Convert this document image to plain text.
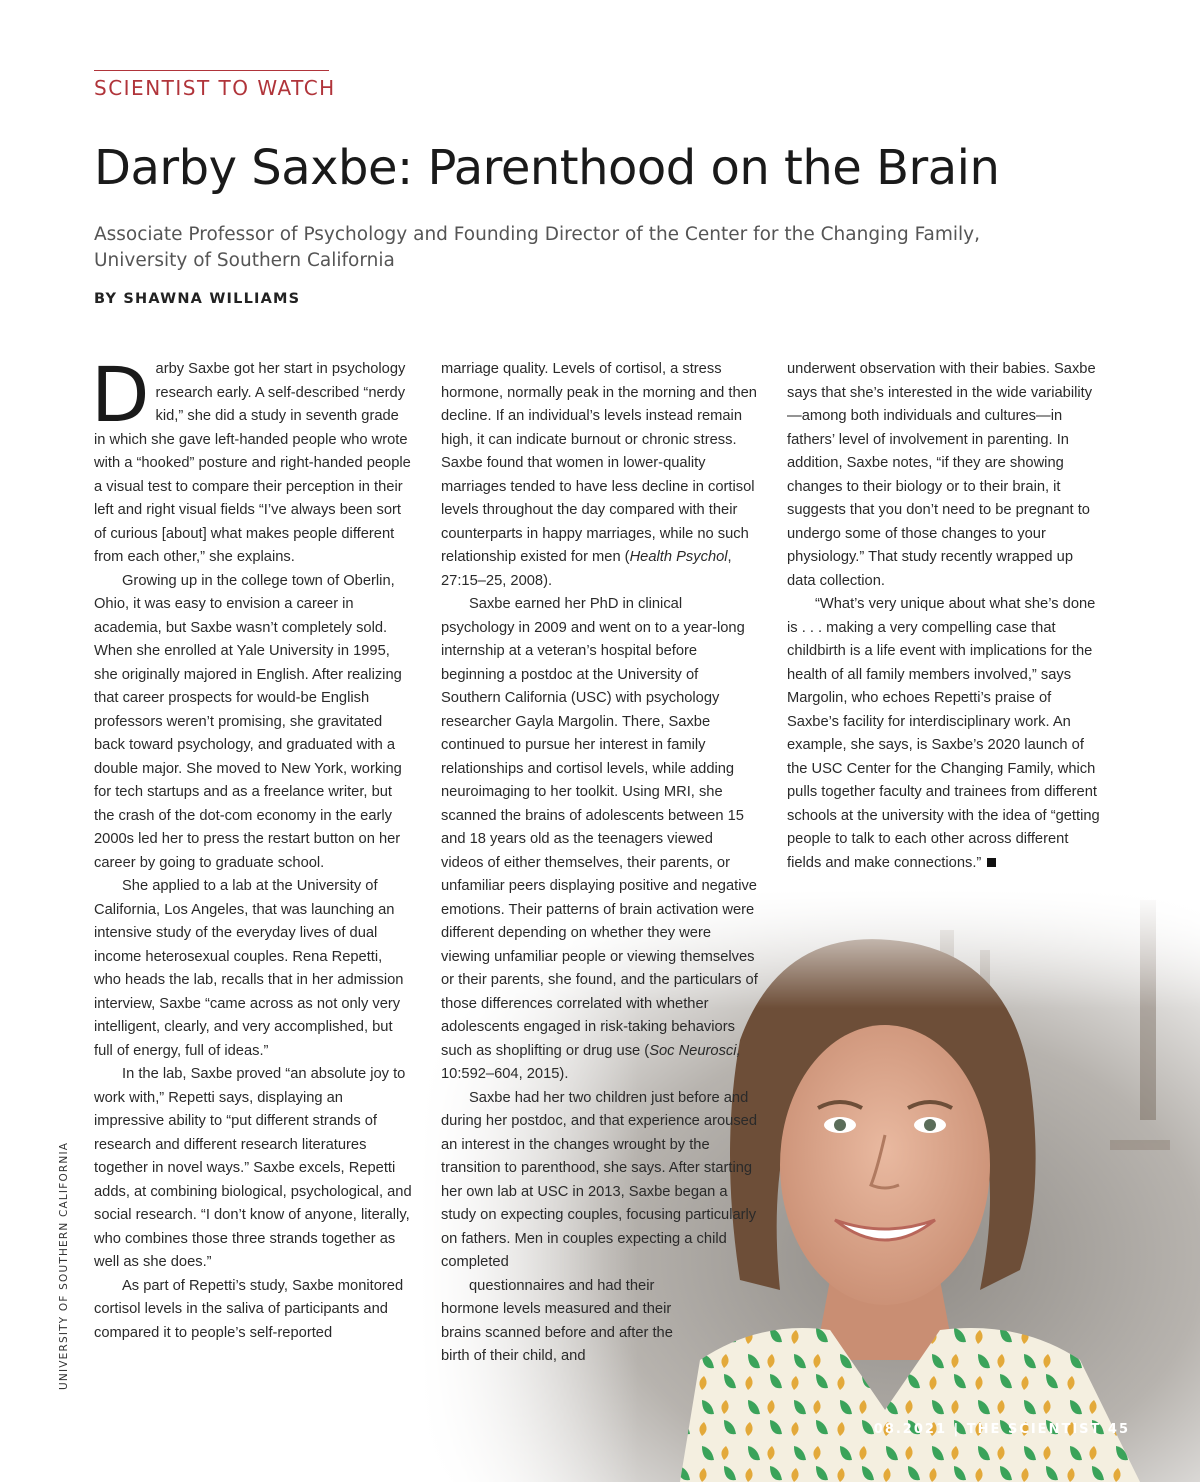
SCIENTIST TO WATCH
Darby Saxbe: Parenthood on the Brain
Associate Professor of Psychology and Founding Director of the Center for the Changing Family, University of Southern California
BY SHAWNA WILLIAMS

Darby Saxbe got her start in psychology research early. A self-described “nerdy kid,” she did a study in seventh grade in which she gave left-handed people who wrote with a “hooked” posture and right-handed people a visual test to compare their perception in their left and right visual fields “I’ve always been sort of curious [about] what makes people different from each other,” she explains.

Growing up in the college town of Oberlin, Ohio, it was easy to envision a career in academia, but Saxbe wasn’t completely sold. When she enrolled at Yale University in 1995, she originally majored in English. After realizing that career prospects for would-be English professors weren’t promising, she gravitated back toward psychology, and graduated with a double major. She moved to New York, working for tech startups and as a freelance writer, but the crash of the dot-com economy in the early 2000s led her to press the restart button on her career by going to graduate school.

She applied to a lab at the University of California, Los Angeles, that was launching an intensive study of the everyday lives of dual income heterosexual couples. Rena Repetti, who heads the lab, recalls that in her admission interview, Saxbe “came across as not only very intelligent, clearly, and very accomplished, but full of energy, full of ideas.”

In the lab, Saxbe proved “an absolute joy to work with,” Repetti says, displaying an impressive ability to “put different strands of research and different research literatures together in novel ways.” Saxbe excels, Repetti adds, at combining biological, psychological, and social research. “I don’t know of anyone, literally, who combines those three strands together as well as she does.”

As part of Repetti’s study, Saxbe monitored cortisol levels in the saliva of participants and compared it to people’s self-reported

marriage quality. Levels of cortisol, a stress hormone, normally peak in the morning and then decline. If an individual’s levels instead remain high, it can indicate burnout or chronic stress. Saxbe found that women in lower-quality marriages tended to have less decline in cortisol levels throughout the day compared with their counterparts in happy marriages, while no such relationship existed for men (Health Psychol, 27:15–25, 2008).

Saxbe earned her PhD in clinical psychology in 2009 and went on to a year-long internship at a veteran’s hospital before beginning a postdoc at the University of Southern California (USC) with psychology researcher Gayla Margolin. There, Saxbe continued to pursue her interest in family relationships and cortisol levels, while adding neuroimaging to her toolkit. Using MRI, she scanned the brains of adolescents between 15 and 18 years old as the teenagers viewed videos of either themselves, their parents, or unfamiliar peers displaying positive and negative emotions. Their patterns of brain activation were different depending on whether they were viewing unfamiliar people or viewing themselves or their parents, she found, and the particulars of those differences correlated with whether adolescents engaged in risk-taking behaviors such as shoplifting or drug use (Soc Neurosci, 10:592–604, 2015).

Saxbe had her two children just before and during her postdoc, and that experience aroused an interest in the changes wrought by the transition to parenthood, she says. After starting her own lab at USC in 2013, Saxbe began a study on expecting couples, focusing particularly on fathers. Men in couples expecting a child completed
questionnaires and had their hormone levels measured and their brains scanned before and after the birth of their child, and

underwent observation with their babies. Saxbe says that she’s interested in the wide variability—among both individuals and cultures—in fathers’ level of involvement in parenting. In addition, Saxbe notes, “if they are showing changes to their biology or to their brain, it suggests that you don’t need to be pregnant to undergo some of those changes to your physiology.” That study recently wrapped up data collection.

“What’s very unique about what she’s done is . . . making a very compelling case that childbirth is a life event with implications for the health of all family members involved,” says Margolin, who echoes Repetti’s praise of Saxbe’s facility for interdisciplinary work. An example, she says, is Saxbe’s 2020 launch of the USC Center for the Changing Family, which pulls together faculty and trainees from different schools at the university with the idea of “getting people to talk to each other across different fields and make connections.”

UNIVERSITY OF SOUTHERN CALIFORNIA
08.2021 | THE SCIENTIST 45
